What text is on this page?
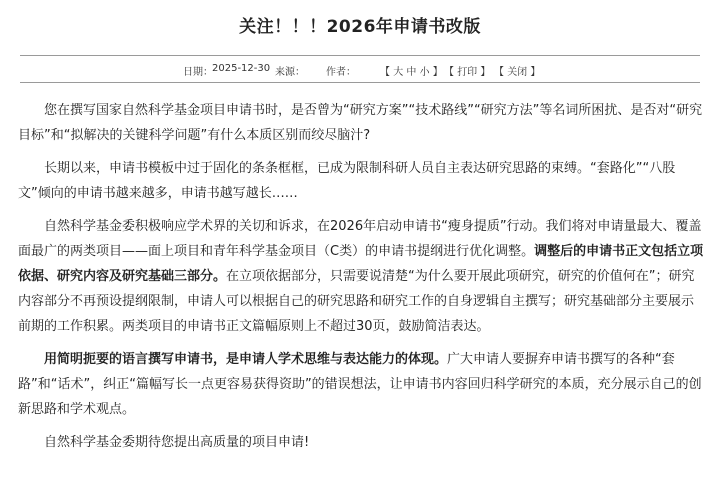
关注！！！2026年申请书改版
日期： 2025-12-30 来源： 作者： 【 大 中 小 】 【 打印 】 【 关闭 】

您在撰写国家自然科学基金项目申请书时，是否曾为“研究方案”“技术路线”“研究方法”等名词所困扰、是否对“研究目标”和“拟解决的关键科学问题”有什么本质区别而绞尽脑汁?

长期以来，申请书模板中过于固化的条条框框，已成为限制科研人员自主表达研究思路的束缚。“套路化”“八股文”倾向的申请书越来越多，申请书越写越长……

自然科学基金委积极响应学术界的关切和诉求，在2026年启动申请书“瘦身提质”行动。我们将对申请量最大、覆盖面最广的两类项目——面上项目和青年科学基金项目（C类）的申请书提纲进行优化调整。调整后的申请书正文包括立项依据、研究内容及研究基础三部分。在立项依据部分，只需要说清楚“为什么要开展此项研究，研究的价值何在”；研究内容部分不再预设提纲限制，申请人可以根据自己的研究思路和研究工作的自身逻辑自主撰写；研究基础部分主要展示前期的工作积累。两类项目的申请书正文篇幅原则上不超过30页，鼓励简洁表达。

用简明扼要的语言撰写申请书，是申请人学术思维与表达能力的体现。广大申请人要摒弃申请书撰写的各种“套路”和“话术”，纠正“篇幅写长一点更容易获得资助”的错误想法，让申请书内容回归科学研究的本质，充分展示自己的创新思路和学术观点。

自然科学基金委期待您提出高质量的项目申请!
